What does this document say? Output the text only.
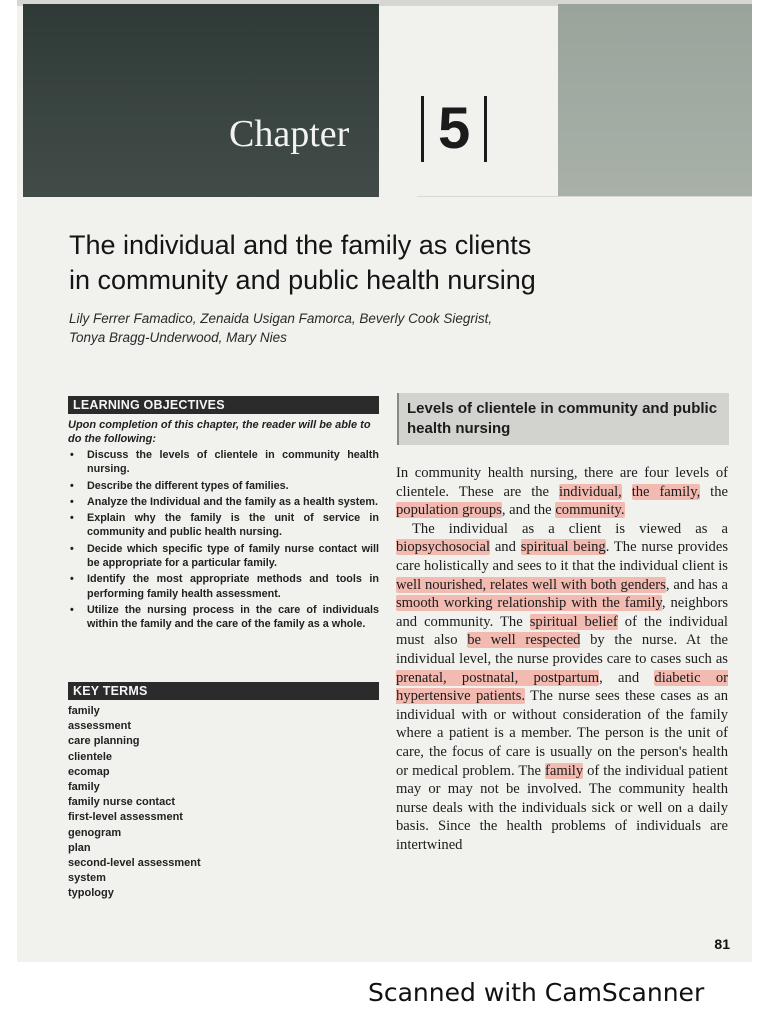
Chapter 5
The individual and the family as clients
in community and public health nursing
Lily Ferrer Famadico, Zenaida Usigan Famorca, Beverly Cook Siegrist,
Tonya Bragg-Underwood, Mary Nies
LEARNING OBJECTIVES

Upon completion of this chapter, the reader will be able to do the following:

• Discuss the levels of clientele in community health nursing.
• Describe the different types of families.
• Analyze the Individual and the family as a health system.
• Explain why the family is the unit of service in community and public health nursing.
• Decide which specific type of family nurse contact will be appropriate for a particular family.
• Identify the most appropriate methods and tools in performing family health assessment.
• Utilize the nursing process in the care of individuals within the family and the care of the family as a whole.
KEY TERMS
family
assessment
care planning
clientele
ecomap
family
family nurse contact
first-level assessment
genogram
plan
second-level assessment
system
typology
Levels of clientele in community and public health nursing

In community health nursing, there are four levels of clientele. These are the individual, the family, the population groups, and the community.

The individual as a client is viewed as a biopsychosocial and spiritual being. The nurse provides care holistically and sees to it that the individual client is well nourished, relates well with both genders, and has a smooth working relationship with the family, neighbors and community. The spiritual belief of the individual must also be well respected by the nurse. At the individual level, the nurse provides care to cases such as prenatal, postnatal, postpartum, and diabetic or hypertensive patients. The nurse sees these cases as an individual with or without consideration of the family where a patient is a member. The person is the unit of care, the focus of care is usually on the person's health or medical problem. The family of the individual patient may or may not be involved. The community health nurse deals with the individuals sick or well on a daily basis. Since the health problems of individuals are intertwined

81
Scanned with CamScanner
